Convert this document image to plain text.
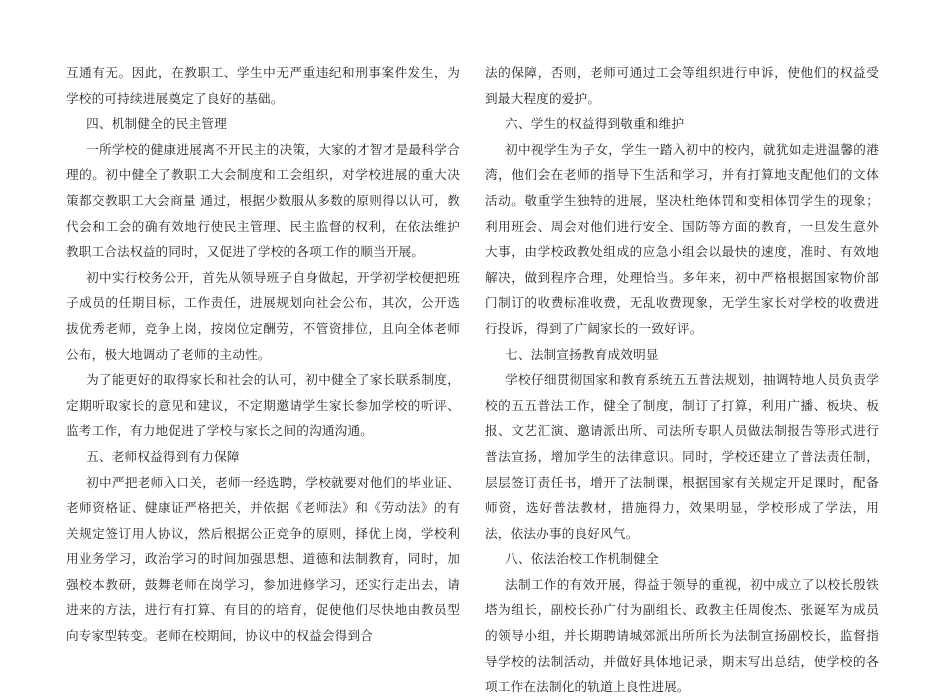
互通有无。因此，在教职工、学生中无严重违纪和刑事案件发生，为学校的可持续进展奠定了良好的基础。

四、机制健全的民主管理

一所学校的健康进展离不开民主的决策，大家的才智才是最科学合理的。初中健全了教职工大会制度和工会组织，对学校进展的重大决策都交教职工大会商量 通过，根据少数服从多数的原则得以认可，教代会和工会的确有效地行使民主管理、民主监督的权利，在依法维护教职工合法权益的同时，又促进了学校的各项工作的顺当开展。

初中实行校务公开，首先从领导班子自身做起，开学初学校便把班子成员的任期目标，工作责任，进展规划向社会公布，其次，公开选拔优秀老师，竞争上岗，按岗位定酬劳，不管资排位，且向全体老师公布，极大地调动了老师的主动性。

为了能更好的取得家长和社会的认可，初中健全了家长联系制度，定期听取家长的意见和建议，不定期邀请学生家长参加学校的听评、监考工作，有力地促进了学校与家长之间的沟通沟通。

五、老师权益得到有力保障

初中严把老师入口关，老师一经选聘，学校就要对他们的毕业证、老师资格证、健康证严格把关，并依据《老师法》和《劳动法》的有关规定签订用人协议，然后根据公正竞争的原则，择优上岗，学校利用业务学习，政治学习的时间加强思想、道德和法制教育，同时，加强校本教研，鼓舞老师在岗学习，参加进修学习，还实行走出去，请进来的方法，进行有打算、有目的的培育，促使他们尽快地由教员型向专家型转变。老师在校期间，协议中的权益会得到合

法的保障，否则，老师可通过工会等组织进行申诉，使他们的权益受到最大程度的爱护。

六、学生的权益得到敬重和维护

初中视学生为子女，学生一踏入初中的校内，就犹如走进温馨的港湾，他们会在老师的指导下生活和学习，并有打算地支配他们的文体活动。敬重学生独特的进展，坚决杜绝体罚和变相体罚学生的现象；利用班会、周会对他们进行安全、国防等方面的教育，一旦发生意外大事，由学校政教处组成的应急小组会以最快的速度，准时、有效地解决，做到程序合理，处理恰当。多年来，初中严格根据国家物价部门制订的收费标准收费，无乱收费现象，无学生家长对学校的收费进行投诉，得到了广阔家长的一致好评。

七、法制宣扬教育成效明显

学校仔细贯彻国家和教育系统五五普法规划，抽调特地人员负责学校的五五普法工作，健全了制度，制订了打算，利用广播、板块、板报、文艺汇演、邀请派出所、司法所专职人员做法制报告等形式进行普法宣扬，增加学生的法律意识。同时，学校还建立了普法责任制，层层签订责任书，增开了法制课，根据国家有关规定开足课时，配备师资，选好普法教材，措施得力，效果明显，学校形成了学法，用法，依法办事的良好风气。

八、依法治校工作机制健全

法制工作的有效开展，得益于领导的重视，初中成立了以校长殷铁塔为组长，副校长孙广付为副组长、政教主任周俊杰、张诞军为成员的领导小组，并长期聘请城郊派出所所长为法制宣扬副校长，监督指导学校的法制活动，并做好具体地记录，期末写出总结，使学校的各项工作在法制化的轨道上良性进展。
